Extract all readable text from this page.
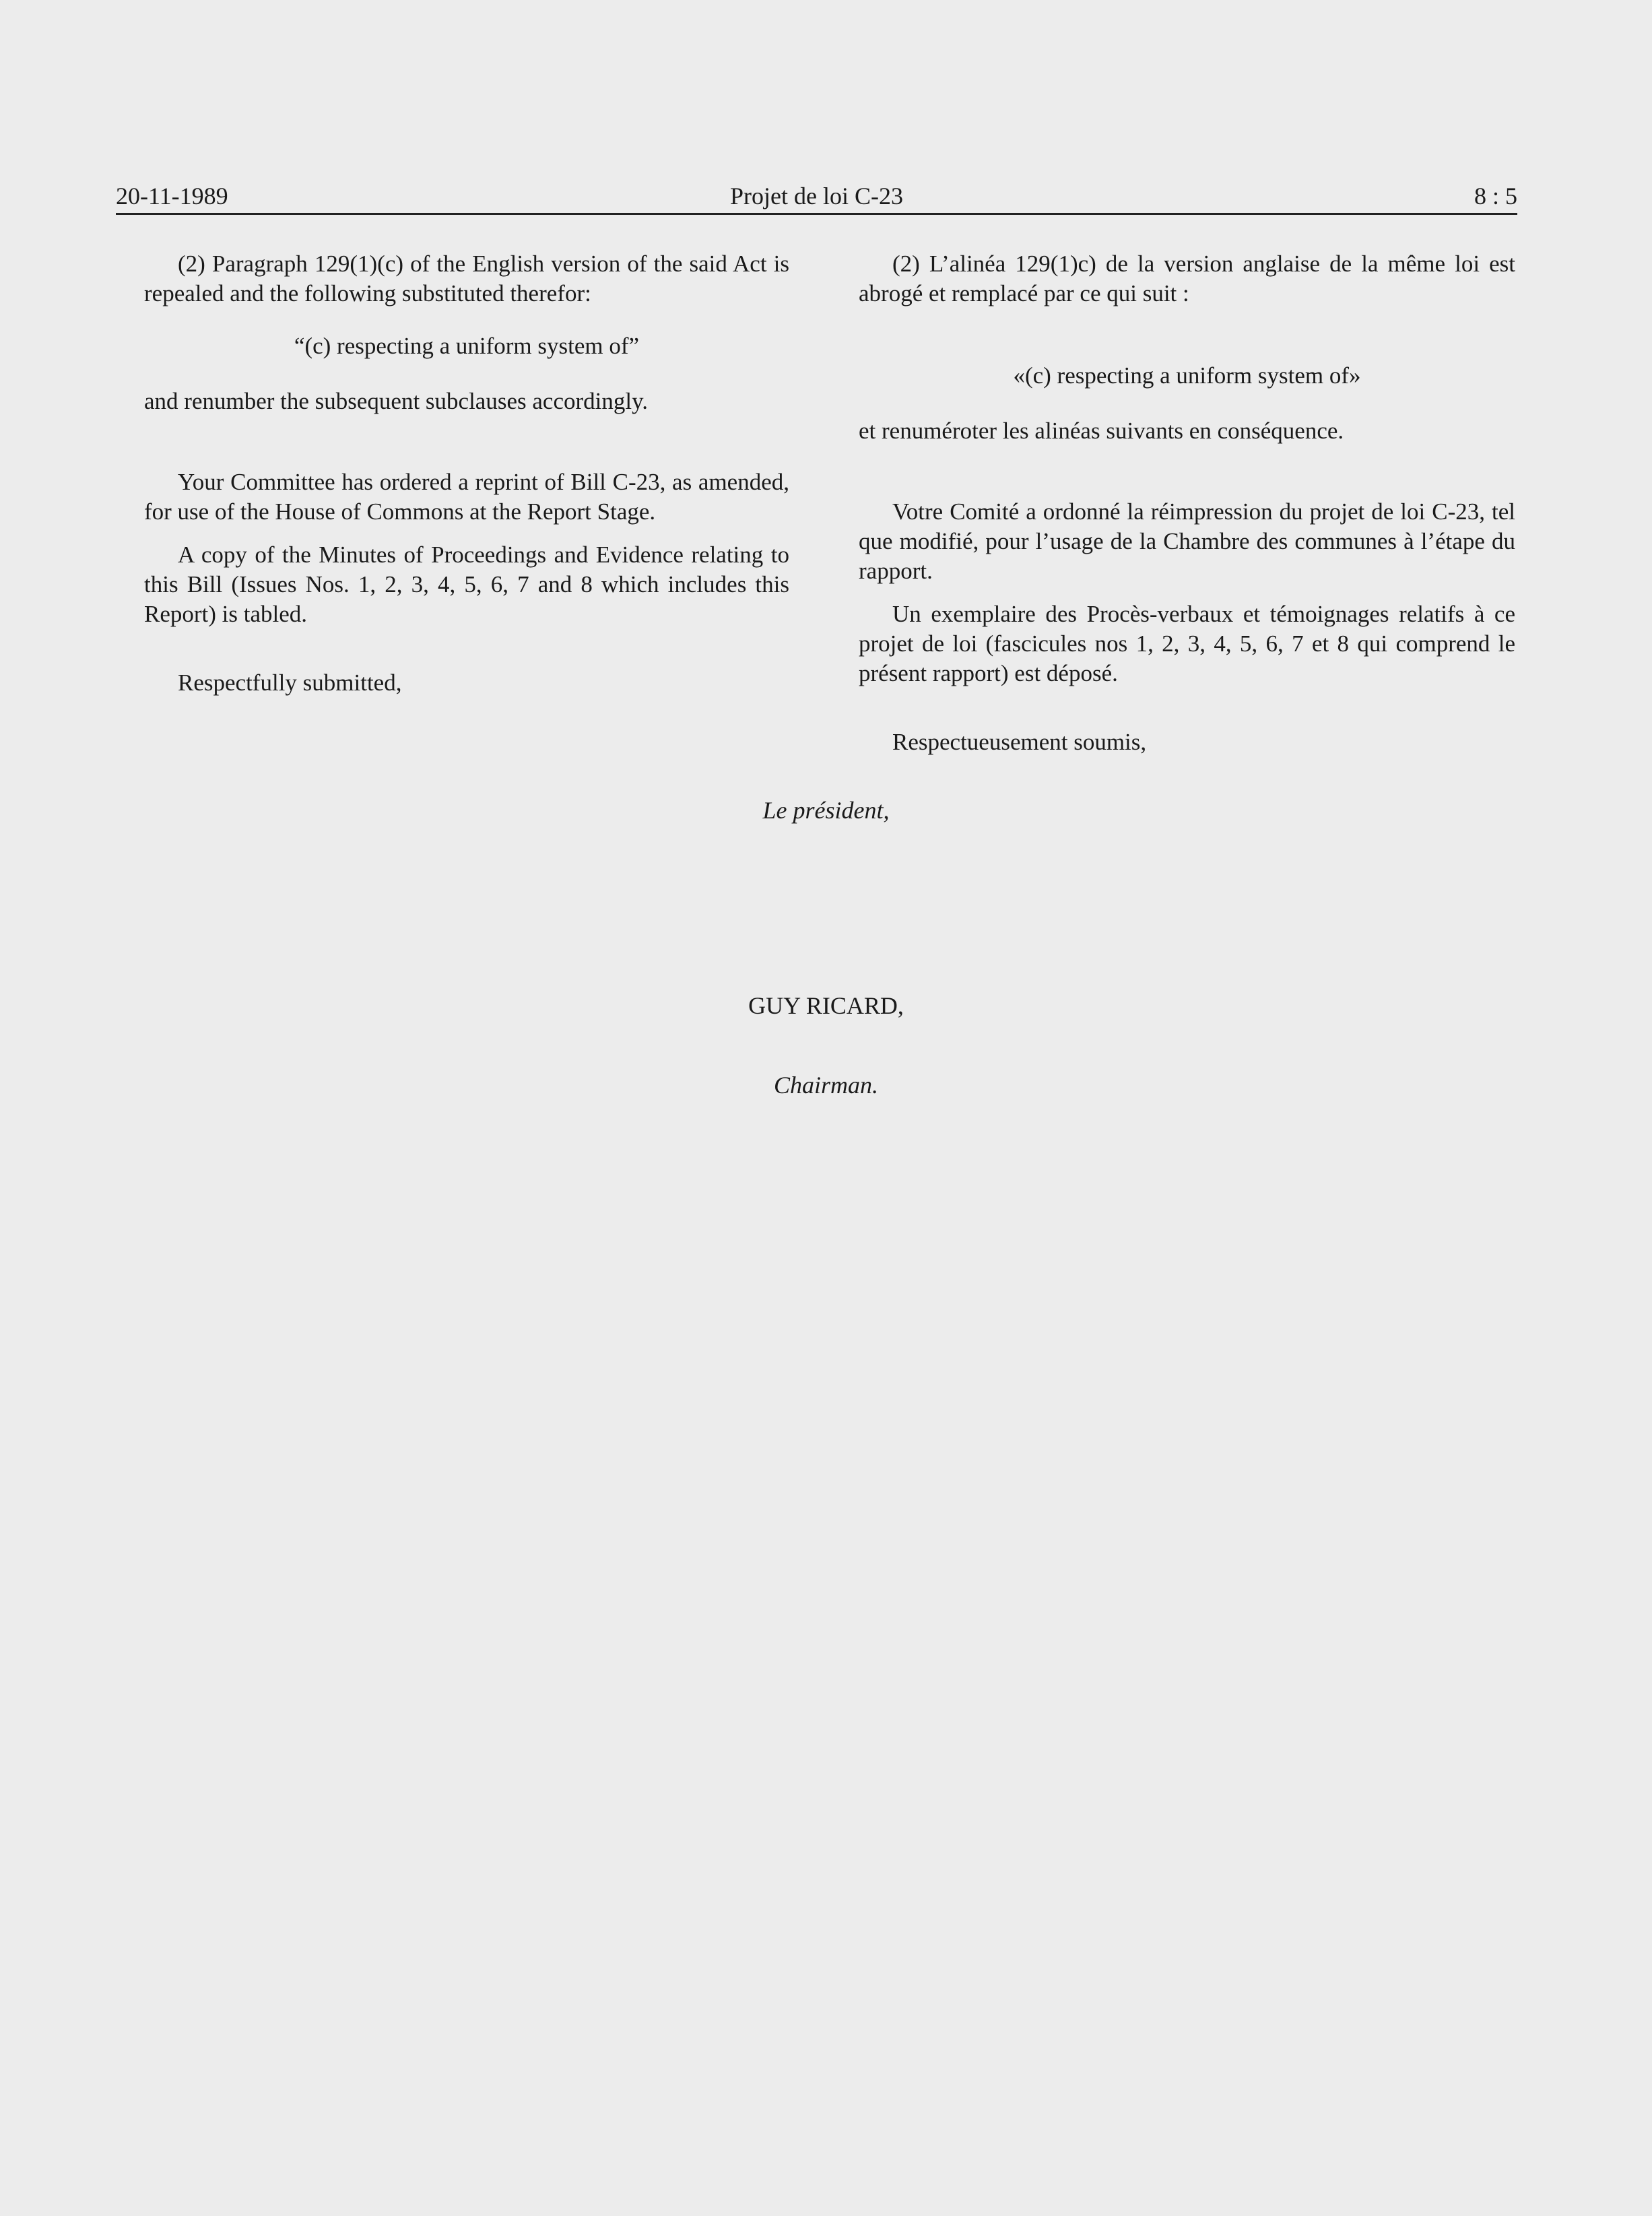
20-11-1989	Projet de loi C-23	8 : 5

(2) Paragraph 129(1)(c) of the English version of the said Act is repealed and the following substituted therefor:

“(c) respecting a uniform system of”

and renumber the subsequent subclauses accordingly.

Your Committee has ordered a reprint of Bill C-23, as amended, for use of the House of Commons at the Report Stage.

A copy of the Minutes of Proceedings and Evidence relating to this Bill (Issues Nos. 1, 2, 3, 4, 5, 6, 7 and 8 which includes this Report) is tabled.

Respectfully submitted,

(2) L’alinéa 129(1)c) de la version anglaise de la même loi est abrogé et remplacé par ce qui suit :

«(c) respecting a uniform system of»

et renuméroter les alinéas suivants en conséquence.

Votre Comité a ordonné la réimpression du projet de loi C-23, tel que modifié, pour l’usage de la Chambre des communes à l’étape du rapport.

Un exemplaire des Procès-verbaux et témoignages relatifs à ce projet de loi (fascicules nos 1, 2, 3, 4, 5, 6, 7 et 8 qui comprend le présent rapport) est déposé.

Respectueusement soumis,

Le président,
GUY RICARD,
Chairman.
